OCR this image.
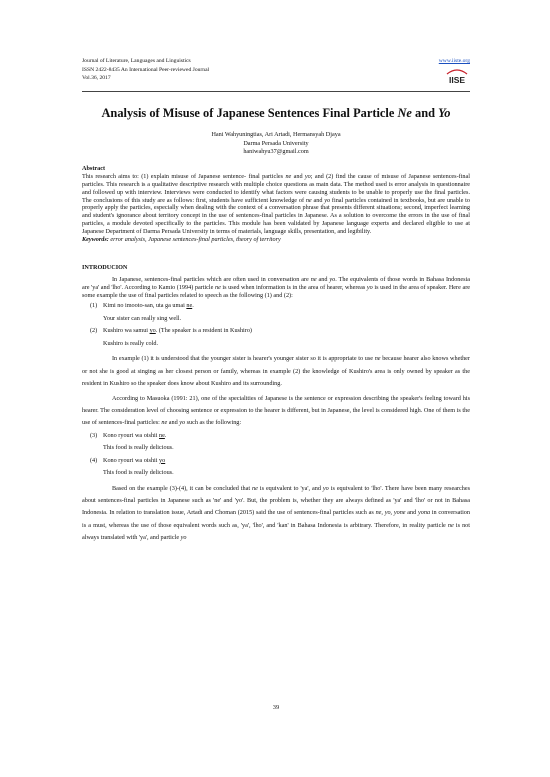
Journal of Literature, Languages and Linguistics
ISSN 2422-8435 An International Peer-reviewed Journal
Vol.36, 2017
www.iiste.org
IISE
Analysis of Misuse of Japanese Sentences Final Particle Ne and Yo
Hani Wahyuningtias, Ari Artadi, Hermansyah Djaya
Darma Persada University
haniwahyu37@gmail.com
Abstract

This research aims to: (1) explain misuse of Japanese sentence- final particles ne and yo; and (2) find the cause of misuse of Japanese sentences-final particles. This research is a qualitative descriptive research with multiple choice questions as main data. The method used is error analysis in questionnaire and followed up with interview. Interviews were conducted to identify what factors were causing students to be unable to properly use the final particles. The conclusions of this study are as follows: first, students have sufficient knowledge of ne and yo final particles contained in textbooks, but are unable to properly apply the particles, especially when dealing with the context of a conversation phrase that presents different situations; second, imperfect learning and student's ignorance about territory concept in the use of sentences-final particles in Japanese. As a solution to overcome the errors in the use of final particles, a module devoted specifically to the particles. This module has been validated by Japanese language experts and declared eligible to use at Japanese Department of Darma Persada University in terms of materials, language skills, presentation, and legibility.

Keywords: error analysis, Japanese sentences-final particles, theory of territory

INTRODUCION

In Japanese, sentences-final particles which are often used in conversation are ne and yo. The equivalents of those words in Bahasa Indonesia are 'ya' and 'lho'. According to Kamio (1994) particle ne is used when information is in the area of hearer, whereas yo is used in the area of speaker. Here are some example the use of final particles related to speech as the following (1) and (2):

(1) Kimi no imooto-san, uta ga umai ne.
Your sister can really sing well.
(2) Kushiro wa samui yo. (The speaker is a resident in Kushiro)
Kushiro is really cold.

In example (1) it is understood that the younger sister is hearer's younger sister so it is appropriate to use ne because hearer also knows whether or not she is good at singing as her closest person or family, whereas in example (2) the knowledge of Kushiro's area is only owned by speaker as the resident in Kushiro so the speaker does know about Kushiro and its surrounding.

According to Masuoka (1991: 21), one of the specialities of Japanese is the sentence or expression describing the speaker's feeling toward his hearer. The consideration level of choosing sentence or expression to the hearer is different, but in Japanese, the level is considered high. One of them is the use of sentences-final particles: ne and yo such as the following:

(3) Kono ryouri wa oishii ne.
This food is really delicious.
(4) Kono ryouri wa oishii yo
This food is really delicious.

Based on the example (3)-(4), it can be concluded that ne is equivalent to 'ya', and yo is equivalent to 'lho'. There have been many researches about sentences-final particles in Japanese such as 'ne' and 'yo'. But, the problem is, whether they are always defined as 'ya' and 'lho' or not in Bahasa Indonesia. In relation to translation issue, Artadi and Choman (2015) said the use of sentences-final particles such as ne, yo, yone and yona in conversation is a must, whereas the use of those equivalent words such as, 'ya', 'lho', and 'kan' in Bahasa Indonesia is arbitrary. Therefore, in reality particle ne is not always translated with 'ya', and particle yo

39
